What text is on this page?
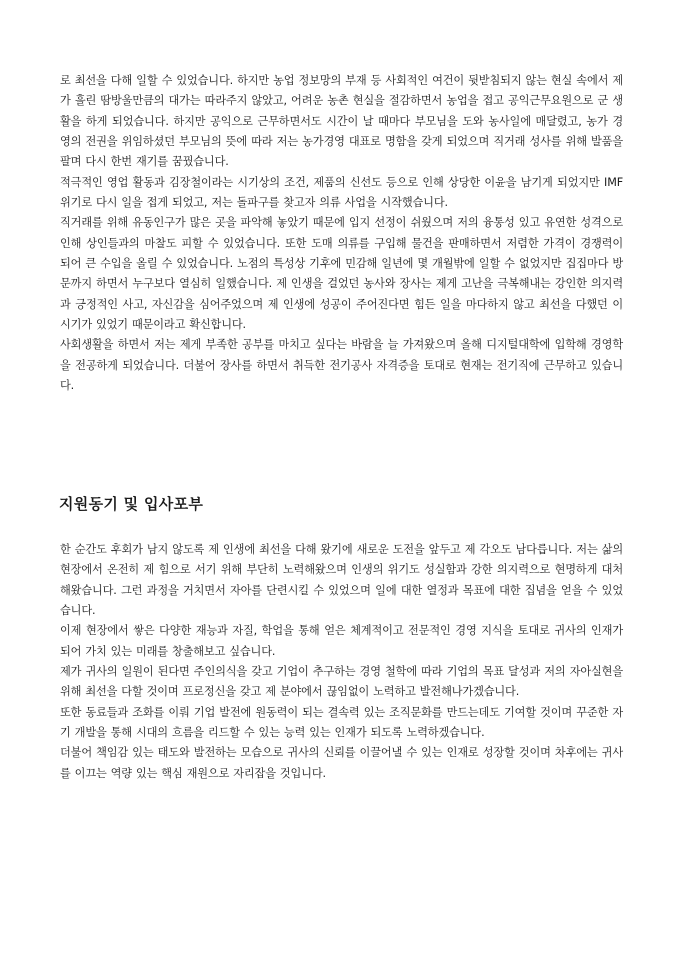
로 최선을 다해 일할 수 있었습니다. 하지만 농업 정보망의 부재 등 사회적인 여건이 뒷받침되지 않는 현실 속에서 제가 흘린 땀방울만큼의 대가는 따라주지 않았고, 어려운 농촌 현실을 절감하면서 농업을 접고 공익근무요원으로 군 생활을 하게 되었습니다. 하지만 공익으로 근무하면서도 시간이 날 때마다 부모님을 도와 농사일에 매달렸고, 농가 경영의 전권을 위임하셨던 부모님의 뜻에 따라 저는 농가경영 대표로 명함을 갖게 되었으며 직거래 성사를 위해 발품을 팔며 다시 한번 재기를 꿈꿨습니다.

적극적인 영업 활동과 김장철이라는 시기상의 조건, 제품의 신선도 등으로 인해 상당한 이윤을 남기게 되었지만 IMF 위기로 다시 일을 접게 되었고, 저는 돌파구를 찾고자 의류 사업을 시작했습니다.

직거래를 위해 유동인구가 많은 곳을 파악해 놓았기 때문에 입지 선정이 쉬웠으며 저의 융통성 있고 유연한 성격으로 인해 상인들과의 마찰도 피할 수 있었습니다. 또한 도매 의류를 구입해 물건을 판매하면서 저렴한 가격이 경쟁력이 되어 큰 수입을 올릴 수 있었습니다. 노점의 특성상 기후에 민감해 일년에 몇 개월밖에 일할 수 없었지만 집집마다 방문까지 하면서 누구보다 열심히 일했습니다. 제 인생을 걸었던 농사와 장사는 제게 고난을 극복해내는 강인한 의지력과 긍정적인 사고, 자신감을 심어주었으며 제 인생에 성공이 주어진다면 힘든 일을 마다하지 않고 최선을 다했던 이 시기가 있었기 때문이라고 확신합니다.

사회생활을 하면서 저는 제게 부족한 공부를 마치고 싶다는 바람을 늘 가져왔으며 올해 디지털대학에 입학해 경영학을 전공하게 되었습니다. 더불어 장사를 하면서 취득한 전기공사 자격증을 토대로 현재는 전기직에 근무하고 있습니다.

지원동기 및 입사포부

한 순간도 후회가 남지 않도록 제 인생에 최선을 다해 왔기에 새로운 도전을 앞두고 제 각오도 남다릅니다. 저는 삶의 현장에서 온전히 제 힘으로 서기 위해 부단히 노력해왔으며 인생의 위기도 성실함과 강한 의지력으로 현명하게 대처해왔습니다. 그런 과정을 거치면서 자아를 단련시킬 수 있었으며 일에 대한 열정과 목표에 대한 집념을 얻을 수 있었습니다.

이제 현장에서 쌓은 다양한 재능과 자질, 학업을 통해 얻은 체계적이고 전문적인 경영 지식을 토대로 귀사의 인재가 되어 가치 있는 미래를 창출해보고 싶습니다.

제가 귀사의 일원이 된다면 주인의식을 갖고 기업이 추구하는 경영 철학에 따라 기업의 목표 달성과 저의 자아실현을 위해 최선을 다할 것이며 프로정신을 갖고 제 분야에서 끊임없이 노력하고 발전해나가겠습니다.

또한 동료들과 조화를 이뤄 기업 발전에 원동력이 되는 결속력 있는 조직문화를 만드는데도 기여할 것이며 꾸준한 자기 개발을 통해 시대의 흐름을 리드할 수 있는 능력 있는 인재가 되도록 노력하겠습니다.

더불어 책임감 있는 태도와 발전하는 모습으로 귀사의 신뢰를 이끌어낼 수 있는 인재로 성장할 것이며 차후에는 귀사를 이끄는 역량 있는 핵심 재원으로 자리잡을 것입니다.
